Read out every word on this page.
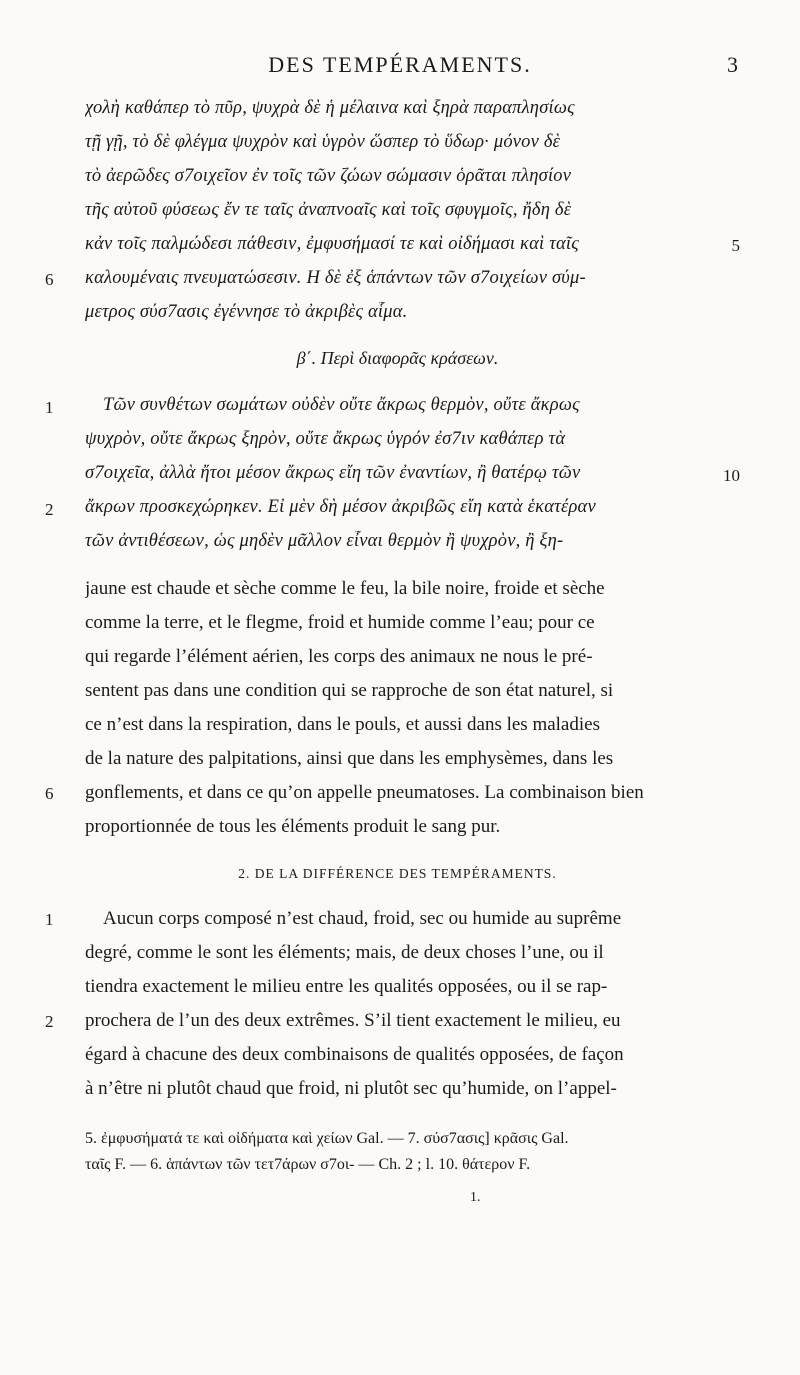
DES TEMPÉRAMENTS.	3
χολὴ καθάπερ τὸ πῦρ, ψυχρὰ δὲ ἡ μέλαινα καὶ ξηρὰ παραπλησίως
τῇ γῇ, τὸ δὲ φλέγμα ψυχρὸν καὶ ὑγρὸν ὥσπερ τὸ ὕδωρ· μόνον δὲ
τὸ ἀερῶδες σ7οιχεῖον ἐν τοῖς τῶν ζώων σώμασιν ὁρᾶται πλησίον
τῆς αὐτοῦ φύσεως ἔν τε ταῖς ἀναπνοαῖς καὶ τοῖς σφυγμοῖς, ἤδη δὲ
κἀν τοῖς παλμώδεσι πάθεσιν, ἐμφυσήμασί τε καὶ οἰδήμασι καὶ ταῖς	5
6 καλουμέναις πνευματώσεσιν. Η δὲ ἐξ ἁπάντων τῶν σ7οιχείων σύμ-
μετρος σύσ7ασις ἐγέννησε τὸ ἀκριβὲς αἷμα.
β΄. Περὶ διαφορᾶς κράσεων.
1	Τῶν συνθέτων σωμάτων οὐδὲν οὔτε ἄκρως θερμὸν, οὔτε ἄκρως
ψυχρὸν, οὔτε ἄκρως ξηρὸν, οὔτε ἄκρως ὑγρόν ἐσ7ιν καθάπερ τὰ
σ7οιχεῖα, ἀλλὰ ἤτοι μέσον ἄκρως εἴη τῶν ἐναντίων, ἢ θατέρῳ τῶν	10
2 ἄκρων προσκεχώρηκεν. Εἰ μὲν δὴ μέσον ἀκριβῶς εἴη κατὰ ἑκατέραν
τῶν ἀντιθέσεων, ὡς μηδὲν μᾶλλον εἶναι θερμὸν ἢ ψυχρὸν, ἢ ξη-
jaune est chaude et sèche comme le feu, la bile noire, froide et sèche
comme la terre, et le flegme, froid et humide comme l’eau; pour ce
qui regarde l’élément aérien, les corps des animaux ne nous le pré-
sentent pas dans une condition qui se rapproche de son état naturel, si
ce n’est dans la respiration, dans le pouls, et aussi dans les maladies
de la nature des palpitations, ainsi que dans les emphysèmes, dans les
6 gonflements, et dans ce qu’on appelle pneumatoses. La combinaison bien
proportionnée de tous les éléments produit le sang pur.
2. DE LA DIFFÉRENCE DES TEMPÉRAMENTS.
1	Aucun corps composé n’est chaud, froid, sec ou humide au suprême
degré, comme le sont les éléments; mais, de deux choses l’une, ou il
tiendra exactement le milieu entre les qualités opposées, ou il se rap-
2 prochera de l’un des deux extrêmes. S’il tient exactement le milieu, eu
égard à chacune des deux combinaisons de qualités opposées, de façon
à n’être ni plutôt chaud que froid, ni plutôt sec qu’humide, on l’appel-
5. ἐμφυσήματά τε καὶ οἰδήματα καὶ χείων Gal. — 7. σύσ7ασις] κρᾶσις Gal.
ταῖς F. — 6. ἁπάντων τῶν τετ7άρων σ7οι- — Ch. 2 ; l. 10. θάτερον F.
1.
